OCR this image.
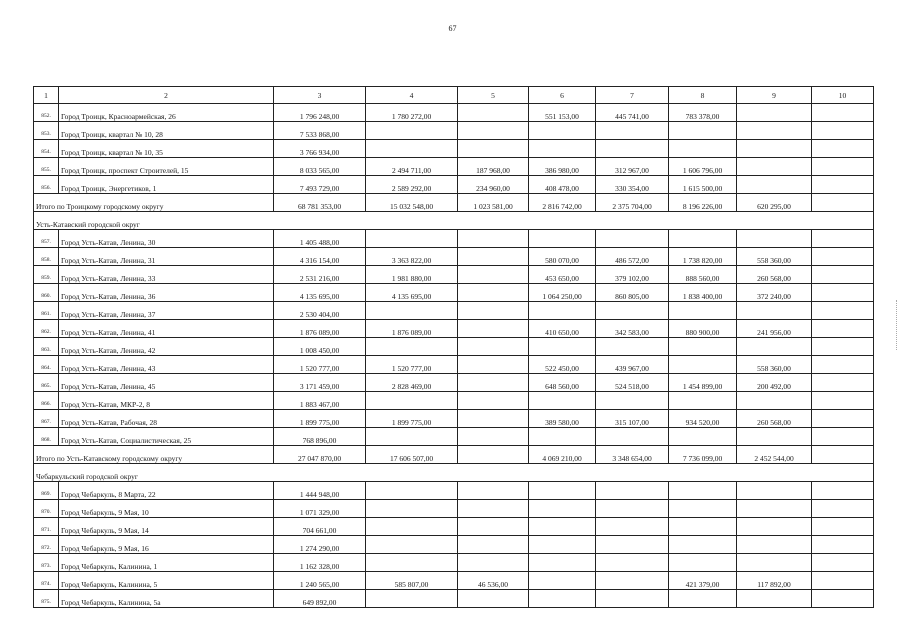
67
1	2	3	4	5	6	7	8	9	10
852.	Город Троицк, Красноармейская, 26	1 796 248,00	1 780 272,00		551 153,00	445 741,00	783 378,00		
853.	Город Троицк, квартал № 10, 28	7 533 868,00							
854.	Город Троицк, квартал № 10, 35	3 766 934,00							
855.	Город Троицк, проспект Строителей, 15	8 033 565,00	2 494 711,00	187 968,00	386 980,00	312 967,00	1 606 796,00		
856.	Город Троицк, Энергетиков, 1	7 493 729,00	2 589 292,00	234 960,00	408 478,00	330 354,00	1 615 500,00		
Итого по Троицкому городскому округу		68 781 353,00	15 032 548,00	1 023 581,00	2 816 742,00	2 375 704,00	8 196 226,00	620 295,00	
Усть-Катавский городской округ									
857.	Город Усть-Катав, Ленина, 30	1 405 488,00							
858.	Город Усть-Катав, Ленина, 31	4 316 154,00	3 363 822,00		580 070,00	486 572,00	1 738 820,00	558 360,00	
859.	Город Усть-Катав, Ленина, 33	2 531 216,00	1 981 880,00		453 650,00	379 102,00	888 560,00	260 568,00	
860.	Город Усть-Катав, Ленина, 36	4 135 695,00	4 135 695,00		1 064 250,00	860 805,00	1 838 400,00	372 240,00	
861.	Город Усть-Катав, Ленина, 37	2 530 404,00							
862.	Город Усть-Катав, Ленина, 41	1 876 089,00	1 876 089,00		410 650,00	342 583,00	880 900,00	241 956,00	
863.	Город Усть-Катав, Ленина, 42	1 008 450,00							
864.	Город Усть-Катав, Ленина, 43	1 520 777,00	1 520 777,00		522 450,00	439 967,00		558 360,00	
865.	Город Усть-Катав, Ленина, 45	3 171 459,00	2 828 469,00		648 560,00	524 518,00	1 454 899,00	200 492,00	
866.	Город Усть-Катав, МКР-2, 8	1 883 467,00							
867.	Город Усть-Катав, Рабочая, 28	1 899 775,00	1 899 775,00		389 580,00	315 107,00	934 520,00	260 568,00	
868.	Город Усть-Катав, Социалистическая, 25	768 896,00							
Итого по Усть-Катавскому городскому округу		27 047 870,00	17 606 507,00		4 069 210,00	3 348 654,00	7 736 099,00	2 452 544,00	
Чебаркульский городской округ									
869.	Город Чебаркуль, 8 Марта, 22	1 444 948,00							
870.	Город Чебаркуль, 9 Мая, 10	1 071 329,00							
871.	Город Чебаркуль, 9 Мая, 14	704 661,00							
872.	Город Чебаркуль, 9 Мая, 16	1 274 290,00							
873.	Город Чебаркуль, Калинина, 1	1 162 328,00							
874.	Город Чебаркуль, Калинина, 5	1 240 565,00	585 807,00	46 536,00			421 379,00	117 892,00	
875.	Город Чебаркуль, Калинина, 5а	649 892,00							
